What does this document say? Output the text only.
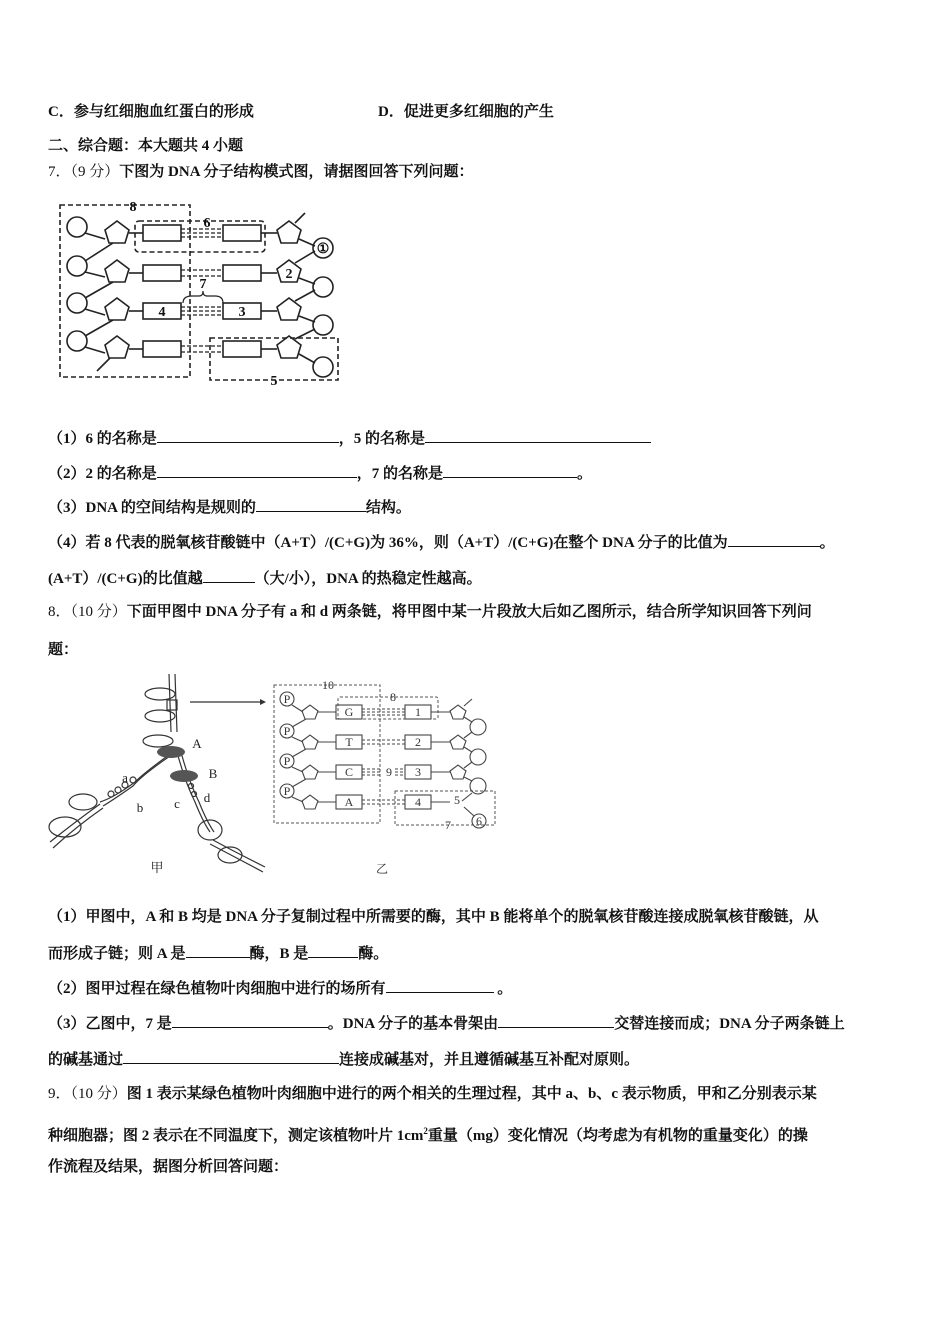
C．参与红细胞血红蛋白的形成	D．促进更多红细胞的产生
二、综合题：本大题共 4 小题
7．（9 分）下图为 DNA 分子结构模式图，请据图回答下列问题：
8
6
①
2
7
4	3
5
（1）6 的名称是	，5 的名称是
（2）2 的名称是	，7 的名称是	。
（3）DNA 的空间结构是规则的	结构。
（4）若 8 代表的脱氧核苷酸链中（A+T）/(C+G)为 36%，则（A+T）/(C+G)在整个 DNA 分子的比值为	。
(A+T）/(C+G)的比值越	（大/小），DNA 的热稳定性越高。
8．（10 分）下面甲图中 DNA 分子有 a 和 d 两条链，将甲图中某一片段放大后如乙图所示，结合所学知识回答下列问
题：
A
B
a
b c d
甲
P
P
P
P
G
T
C
A
1
2
3
4
10
8
9
5
6
7
乙
（1）甲图中，A 和 B 均是 DNA 分子复制过程中所需要的酶，其中 B 能将单个的脱氧核苷酸连接成脱氧核苷酸链，从
而形成子链；则 A 是	酶，B 是	酶。
（2）图甲过程在绿色植物叶肉细胞中进行的场所有	。
（3）乙图中，7 是	。DNA 分子的基本骨架由	交替连接而成；DNA 分子两条链上
的碱基通过	连接成碱基对，并且遵循碱基互补配对原则。
9．（10 分）图 1 表示某绿色植物叶肉细胞中进行的两个相关的生理过程，其中 a、b、c 表示物质，甲和乙分别表示某
种细胞器；图 2 表示在不同温度下，测定该植物叶片 $1cm^2$重量（mg）变化情况（均考虑为有机物的重量变化）的操
作流程及结果，据图分析回答问题：
